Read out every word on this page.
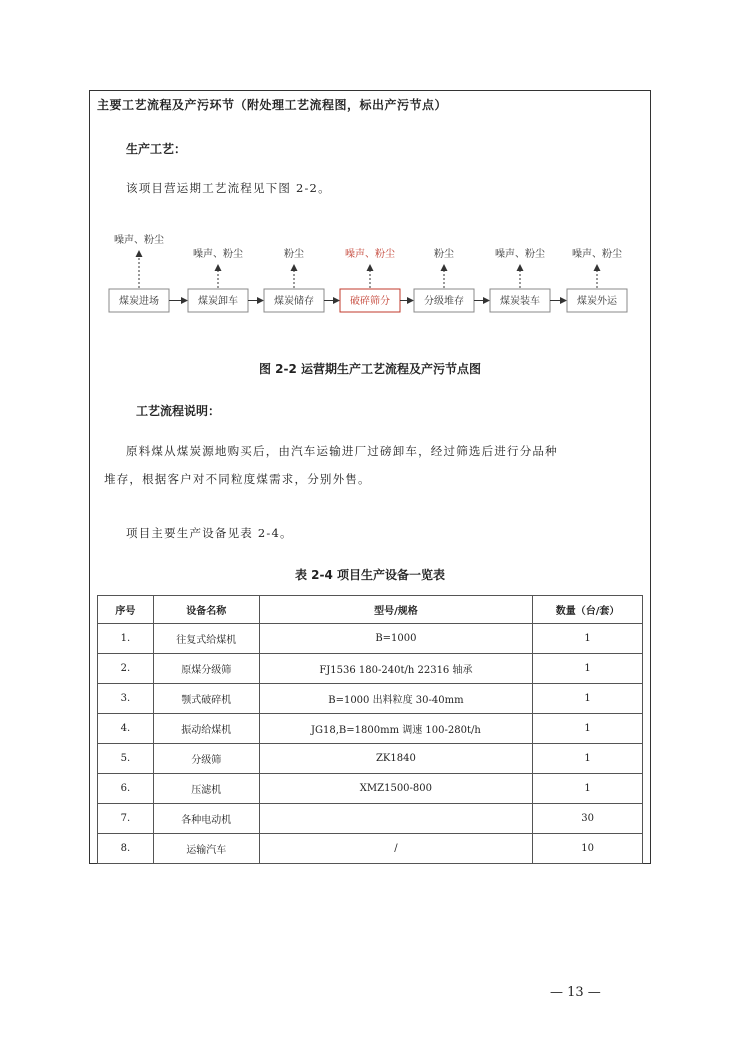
主要工艺流程及产污环节（附处理工艺流程图，标出产污节点）
生产工艺：
该项目营运期工艺流程见下图 2-2。
煤炭进场
噪声、粉尘
煤炭卸车
噪声、粉尘
煤炭储存
粉尘
破碎筛分
噪声、粉尘
分级堆存
粉尘
煤炭装车
噪声、粉尘
煤炭外运
噪声、粉尘
图 2-2 运营期生产工艺流程及产污节点图
工艺流程说明：
原料煤从煤炭源地购买后，由汽车运输进厂过磅卸车，经过筛选后进行分品种
堆存，根据客户对不同粒度煤需求，分别外售。
项目主要生产设备见表 2-4。
表 2-4 项目生产设备一览表
序号	设备名称	型号/规格	数量（台/套）
1.	往复式给煤机	B=1000	1
2.	原煤分级筛	FJ1536 180-240t/h 22316 轴承	1
3.	颚式破碎机	B=1000 出料粒度 30-40mm	1
4.	振动给煤机	JG18,B=1800mm 调速 100-280t/h	1
5.	分级筛	ZK1840	1
6.	压滤机	XMZ1500-800	1
7.	各种电动机		30
8.	运输汽车	/	10
— 13 —
